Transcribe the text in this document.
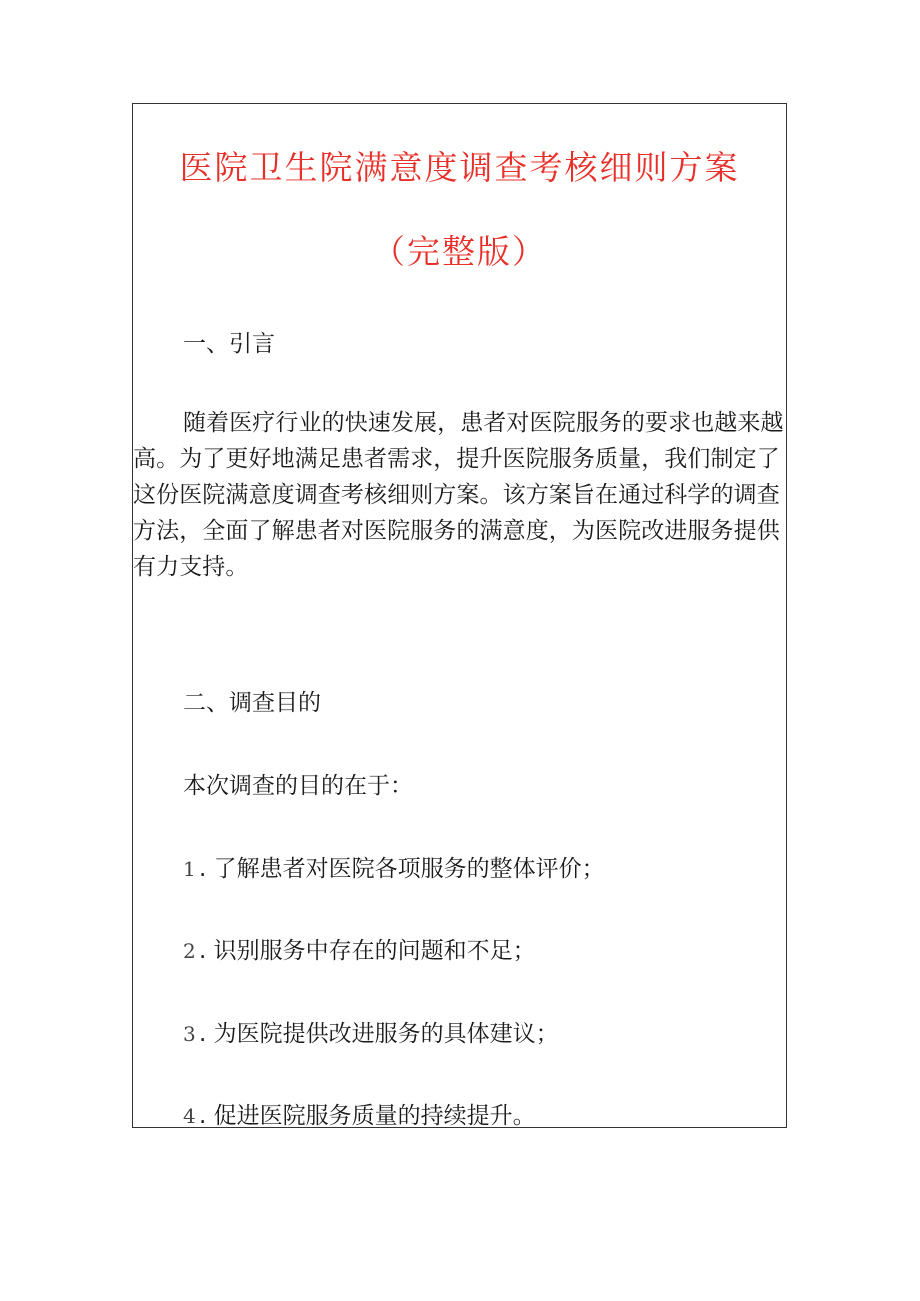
医院卫生院满意度调查考核细则方案
（完整版）
一、引言

随着医疗行业的快速发展，患者对医院服务的要求也越来越高。为了更好地满足患者需求，提升医院服务质量，我们制定了这份医院满意度调查考核细则方案。该方案旨在通过科学的调查方法，全面了解患者对医院服务的满意度，为医院改进服务提供有力支持。

二、调查目的

本次调查的目的在于：

1 . 了解患者对医院各项服务的整体评价；

2 . 识别服务中存在的问题和不足；

3 . 为医院提供改进服务的具体建议；

4 . 促进医院服务质量的持续提升。
